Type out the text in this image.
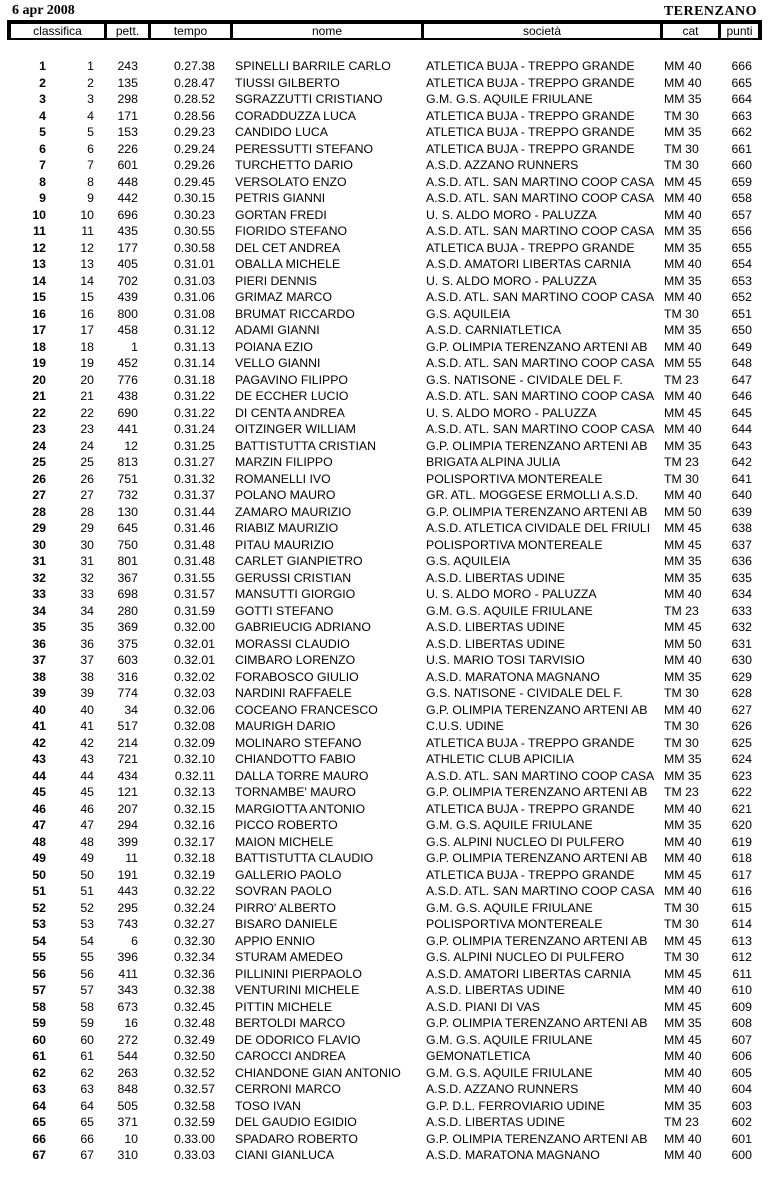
6 apr 2008	TERENZANO
classifica	pett.	tempo	nome	società	cat	punti
1	1	243	0.27.38 SPINELLI BARRILE CARLO	ATLETICA BUJA - TREPPO GRANDE	MM 40	666
2	2	135	0.28.47 TIUSSI GILBERTO	ATLETICA BUJA - TREPPO GRANDE	MM 40	665
3	3	298	0.28.52 SGRAZZUTTI CRISTIANO	G.M. G.S. AQUILE FRIULANE	MM 35	664
4	4	171	0.28.56 CORADDUZZA LUCA	ATLETICA BUJA - TREPPO GRANDE	TM 30	663
5	5	153	0.29.23 CANDIDO LUCA	ATLETICA BUJA - TREPPO GRANDE	MM 35	662
6	6	226	0.29.24 PERESSUTTI STEFANO	ATLETICA BUJA - TREPPO GRANDE	TM 30	661
7	7	601	0.29.26 TURCHETTO DARIO	A.S.D. AZZANO RUNNERS	TM 30	660
8	8	448	0.29.45 VERSOLATO ENZO	A.S.D. ATL. SAN MARTINO COOP CASA MM 45	659
9	9	442	0.30.15 PETRIS GIANNI	A.S.D. ATL. SAN MARTINO COOP CASA MM 40	658
10	10	696	0.30.23 GORTAN FREDI	U. S. ALDO MORO - PALUZZA	MM 40	657
11	11	435	0.30.55 FIORIDO STEFANO	A.S.D. ATL. SAN MARTINO COOP CASA MM 35	656
12	12	177	0.30.58 DEL CET ANDREA	ATLETICA BUJA - TREPPO GRANDE	MM 35	655
13	13	405	0.31.01 OBALLA MICHELE	A.S.D. AMATORI LIBERTAS CARNIA	MM 40	654
14	14	702	0.31.03 PIERI DENNIS	U. S. ALDO MORO - PALUZZA	MM 35	653
15	15	439	0.31.06 GRIMAZ MARCO	A.S.D. ATL. SAN MARTINO COOP CASA MM 40	652
16	16	800	0.31.08 BRUMAT RICCARDO	G.S. AQUILEIA	TM 30	651
17	17	458	0.31.12 ADAMI GIANNI	A.S.D. CARNIATLETICA	MM 35	650
18	18	1	0.31.13 POIANA EZIO	G.P. OLIMPIA TERENZANO ARTENI AB	MM 40	649
19	19	452	0.31.14 VELLO GIANNI	A.S.D. ATL. SAN MARTINO COOP CASA MM 55	648
20	20	776	0.31.18 PAGAVINO FILIPPO	G.S. NATISONE - CIVIDALE DEL F.	TM 23	647
21	21	438	0.31.22 DE ECCHER LUCIO	A.S.D. ATL. SAN MARTINO COOP CASA MM 40	646
22	22	690	0.31.22 DI CENTA ANDREA	U. S. ALDO MORO - PALUZZA	MM 45	645
23	23	441	0.31.24 OITZINGER WILLIAM	A.S.D. ATL. SAN MARTINO COOP CASA MM 40	644
24	24	12	0.31.25 BATTISTUTTA CRISTIAN	G.P. OLIMPIA TERENZANO ARTENI AB	MM 35	643
25	25	813	0.31.27 MARZIN FILIPPO	BRIGATA ALPINA JULIA	TM 23	642
26	26	751	0.31.32 ROMANELLI IVO	POLISPORTIVA MONTEREALE	TM 30	641
27	27	732	0.31.37 POLANO MAURO	GR. ATL. MOGGESE ERMOLLI A.S.D.	MM 40	640
28	28	130	0.31.44 ZAMARO MAURIZIO	G.P. OLIMPIA TERENZANO ARTENI AB	MM 50	639
29	29	645	0.31.46 RIABIZ MAURIZIO	A.S.D. ATLETICA CIVIDALE DEL FRIULI	MM 45	638
30	30	750	0.31.48 PITAU MAURIZIO	POLISPORTIVA MONTEREALE	MM 45	637
31	31	801	0.31.48 CARLET GIANPIETRO	G.S. AQUILEIA	MM 35	636
32	32	367	0.31.55 GERUSSI CRISTIAN	A.S.D. LIBERTAS UDINE	MM 35	635
33	33	698	0.31.57 MANSUTTI GIORGIO	U. S. ALDO MORO - PALUZZA	MM 40	634
34	34	280	0.31.59 GOTTI STEFANO	G.M. G.S. AQUILE FRIULANE	TM 23	633
35	35	369	0.32.00 GABRIEUCIG ADRIANO	A.S.D. LIBERTAS UDINE	MM 45	632
36	36	375	0.32.01 MORASSI CLAUDIO	A.S.D. LIBERTAS UDINE	MM 50	631
37	37	603	0.32.01 CIMBARO LORENZO	U.S. MARIO TOSI TARVISIO	MM 40	630
38	38	316	0.32.02 FORABOSCO GIULIO	A.S.D. MARATONA MAGNANO	MM 35	629
39	39	774	0.32.03 NARDINI RAFFAELE	G.S. NATISONE - CIVIDALE DEL F.	TM 30	628
40	40	34	0.32.06 COCEANO FRANCESCO	G.P. OLIMPIA TERENZANO ARTENI AB	MM 40	627
41	41	517	0.32.08 MAURIGH DARIO	C.U.S. UDINE	TM 30	626
42	42	214	0.32.09 MOLINARO STEFANO	ATLETICA BUJA - TREPPO GRANDE	TM 30	625
43	43	721	0.32.10 CHIANDOTTO FABIO	ATHLETIC CLUB APICILIA	MM 35	624
44	44	434	0.32.11 DALLA TORRE MAURO	A.S.D. ATL. SAN MARTINO COOP CASA MM 35	623
45	45	121	0.32.13 TORNAMBE' MAURO	G.P. OLIMPIA TERENZANO ARTENI AB	TM 23	622
46	46	207	0.32.15 MARGIOTTA ANTONIO	ATLETICA BUJA - TREPPO GRANDE	MM 40	621
47	47	294	0.32.16 PICCO ROBERTO	G.M. G.S. AQUILE FRIULANE	MM 35	620
48	48	399	0.32.17 MAION MICHELE	G.S. ALPINI NUCLEO DI PULFERO	MM 40	619
49	49	11	0.32.18 BATTISTUTTA CLAUDIO	G.P. OLIMPIA TERENZANO ARTENI AB	MM 40	618
50	50	191	0.32.19 GALLERIO PAOLO	ATLETICA BUJA - TREPPO GRANDE	MM 45	617
51	51	443	0.32.22 SOVRAN PAOLO	A.S.D. ATL. SAN MARTINO COOP CASA MM 40	616
52	52	295	0.32.24 PIRRO' ALBERTO	G.M. G.S. AQUILE FRIULANE	TM 30	615
53	53	743	0.32.27 BISARO DANIELE	POLISPORTIVA MONTEREALE	TM 30	614
54	54	6	0.32.30 APPIO ENNIO	G.P. OLIMPIA TERENZANO ARTENI AB	MM 45	613
55	55	396	0.32.34 STURAM AMEDEO	G.S. ALPINI NUCLEO DI PULFERO	TM 30	612
56	56	411	0.32.36 PILLININI PIERPAOLO	A.S.D. AMATORI LIBERTAS CARNIA	MM 45	611
57	57	343	0.32.38 VENTURINI MICHELE	A.S.D. LIBERTAS UDINE	MM 40	610
58	58	673	0.32.45 PITTIN MICHELE	A.S.D. PIANI DI VAS	MM 45	609
59	59	16	0.32.48 BERTOLDI MARCO	G.P. OLIMPIA TERENZANO ARTENI AB	MM 35	608
60	60	272	0.32.49 DE ODORICO FLAVIO	G.M. G.S. AQUILE FRIULANE	MM 45	607
61	61	544	0.32.50 CAROCCI ANDREA	GEMONATLETICA	MM 40	606
62	62	263	0.32.52 CHIANDONE GIAN ANTONIO	G.M. G.S. AQUILE FRIULANE	MM 40	605
63	63	848	0.32.57 CERRONI MARCO	A.S.D. AZZANO RUNNERS	MM 40	604
64	64	505	0.32.58 TOSO IVAN	G.P. D.L. FERROVIARIO UDINE	MM 35	603
65	65	371	0.32.59 DEL GAUDIO EGIDIO	A.S.D. LIBERTAS UDINE	TM 23	602
66	66	10	0.33.00 SPADARO ROBERTO	G.P. OLIMPIA TERENZANO ARTENI AB	MM 40	601
67	67	310	0.33.03 CIANI GIANLUCA	A.S.D. MARATONA MAGNANO	MM 40	600
